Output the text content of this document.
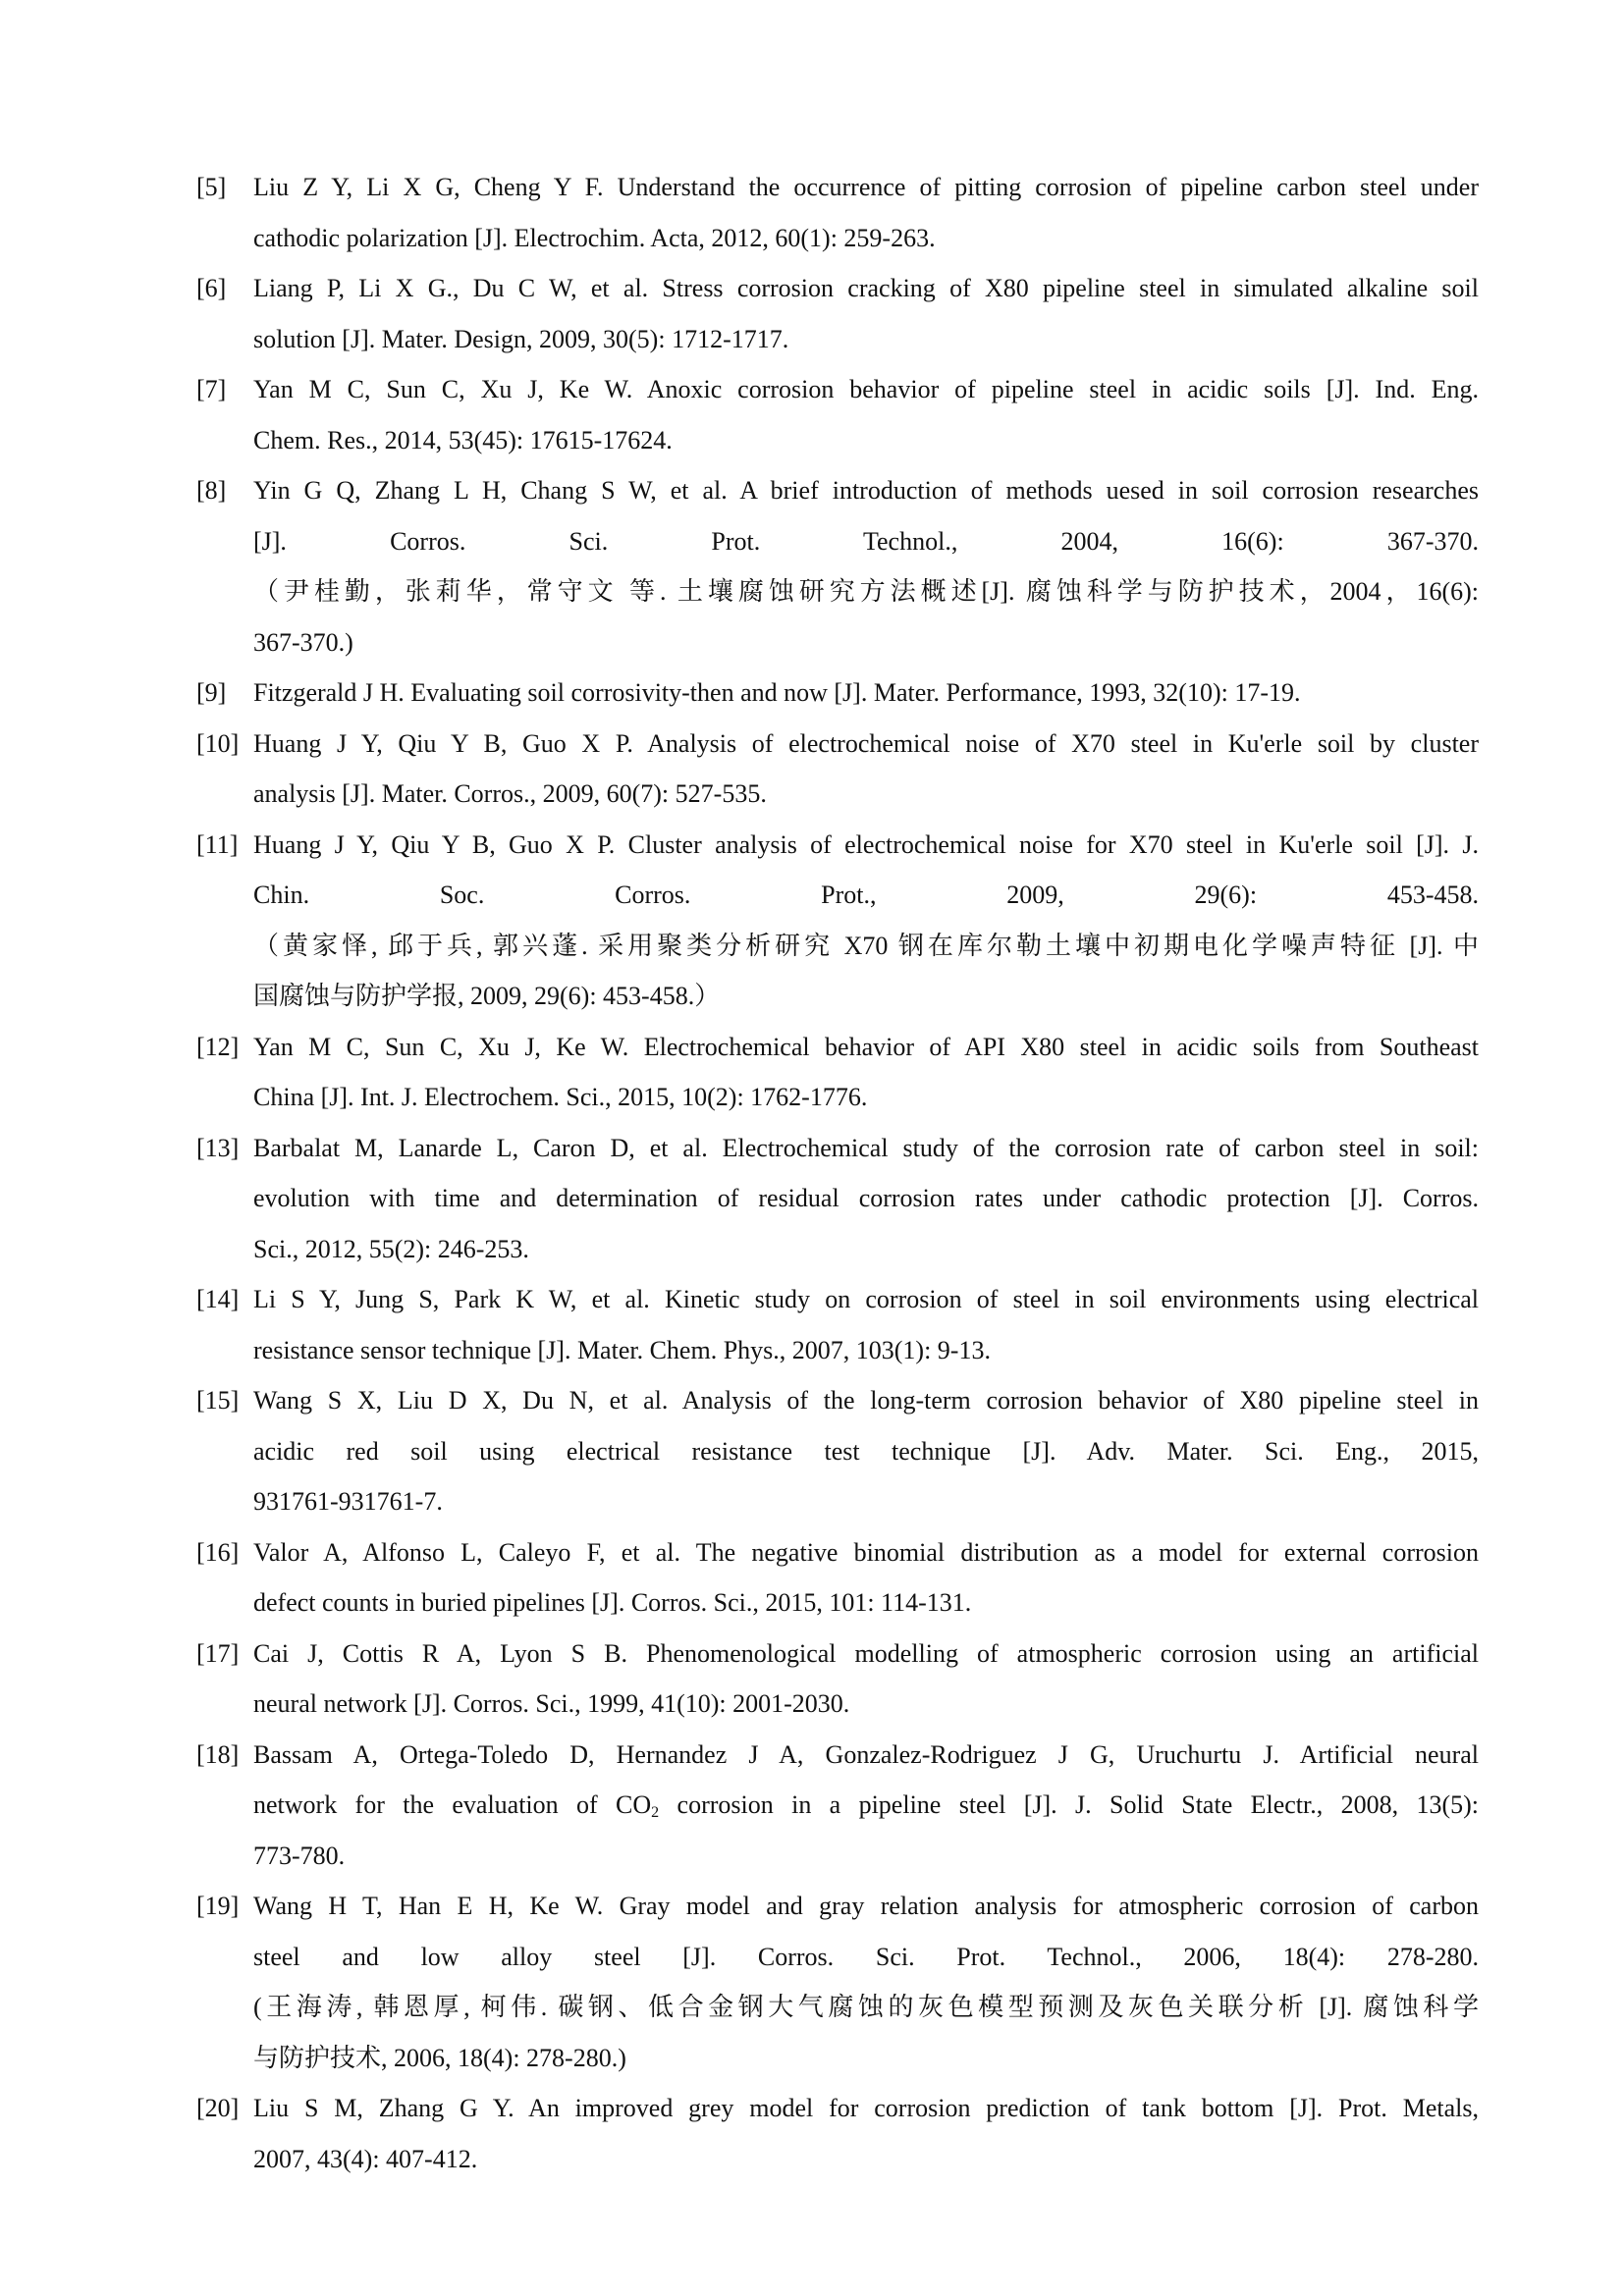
[5] Liu Z Y, Li X G, Cheng Y F. Understand the occurrence of pitting corrosion of pipeline carbon steel under
cathodic polarization [J]. Electrochim. Acta, 2012, 60(1): 259-263.
[6] Liang P, Li X G., Du C W, et al. Stress corrosion cracking of X80 pipeline steel in simulated alkaline soil
solution [J]. Mater. Design, 2009, 30(5): 1712-1717.
[7] Yan M C, Sun C, Xu J, Ke W. Anoxic corrosion behavior of pipeline steel in acidic soils [J]. Ind. Eng.
Chem. Res., 2014, 53(45): 17615-17624.
[8] Yin G Q, Zhang L H, Chang S W, et al. A brief introduction of methods uesed in soil corrosion researches
[J]. Corros. Sci. Prot. Technol., 2004, 16(6): 367-370.
（尹桂勤，张莉华，常守文 等. 土壤腐蚀研究方法概述[J]. 腐蚀科学与防护技术，2004，16(6):
367-370.)
[9] Fitzgerald J H. Evaluating soil corrosivity-then and now [J]. Mater. Performance, 1993, 32(10): 17-19.
[10] Huang J Y, Qiu Y B, Guo X P. Analysis of electrochemical noise of X70 steel in Ku'erle soil by cluster
analysis [J]. Mater. Corros., 2009, 60(7): 527-535.
[11] Huang J Y, Qiu Y B, Guo X P. Cluster analysis of electrochemical noise for X70 steel in Ku'erle soil [J]. J.
Chin. Soc. Corros. Prot., 2009, 29(6): 453-458.
（黄家怿, 邱于兵, 郭兴蓬. 采用聚类分析研究 X70 钢在库尔勒土壤中初期电化学噪声特征 [J]. 中
国腐蚀与防护学报, 2009, 29(6): 453-458.）
[12] Yan M C, Sun C, Xu J, Ke W. Electrochemical behavior of API X80 steel in acidic soils from Southeast
China [J]. Int. J. Electrochem. Sci., 2015, 10(2): 1762-1776.
[13] Barbalat M, Lanarde L, Caron D, et al. Electrochemical study of the corrosion rate of carbon steel in soil:
evolution with time and determination of residual corrosion rates under cathodic protection [J]. Corros.
Sci., 2012, 55(2): 246-253.
[14] Li S Y, Jung S, Park K W, et al. Kinetic study on corrosion of steel in soil environments using electrical
resistance sensor technique [J]. Mater. Chem. Phys., 2007, 103(1): 9-13.
[15] Wang S X, Liu D X, Du N, et al. Analysis of the long-term corrosion behavior of X80 pipeline steel in
acidic red soil using electrical resistance test technique [J]. Adv. Mater. Sci. Eng., 2015,
931761-931761-7.
[16] Valor A, Alfonso L, Caleyo F, et al. The negative binomial distribution as a model for external corrosion
defect counts in buried pipelines [J]. Corros. Sci., 2015, 101: 114-131.
[17] Cai J, Cottis R A, Lyon S B. Phenomenological modelling of atmospheric corrosion using an artificial
neural network [J]. Corros. Sci., 1999, 41(10): 2001-2030.
[18] Bassam A, Ortega-Toledo D, Hernandez J A, Gonzalez-Rodriguez J G, Uruchurtu J. Artificial neural
network for the evaluation of $CO_2$ corrosion in a pipeline steel [J]. J. Solid State Electr., 2008, 13(5):
773-780.
[19] Wang H T, Han E H, Ke W. Gray model and gray relation analysis for atmospheric corrosion of carbon
steel and low alloy steel [J]. Corros. Sci. Prot. Technol., 2006, 18(4): 278-280.
(王海涛, 韩恩厚, 柯伟. 碳钢、低合金钢大气腐蚀的灰色模型预测及灰色关联分析 [J]. 腐蚀科学
与防护技术, 2006, 18(4): 278-280.)
[20] Liu S M, Zhang G Y. An improved grey model for corrosion prediction of tank bottom [J]. Prot. Metals,
2007, 43(4): 407-412.
